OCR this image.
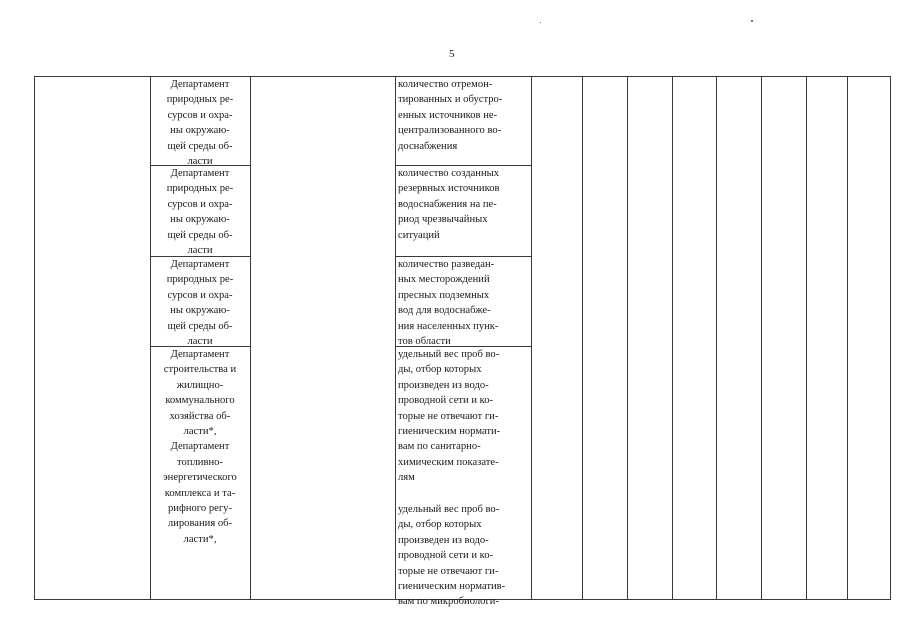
5
Департамент
природных ре-
сурсов и охра-
ны окружаю-
щей среды об-
ласти
количество отремон-
тированных и обустро-
енных источников не-
централизованного во-
доснабжения
Департамент
природных ре-
сурсов и охра-
ны окружаю-
щей среды об-
ласти
количество созданных
резервных источников
водоснабжения на пе-
риод чрезвычайных
ситуаций
Департамент
природных ре-
сурсов и охра-
ны окружаю-
щей среды об-
ласти
количество разведан-
ных месторождений
пресных подземных
вод для водоснабже-
ния населенных пунк-
тов области
Департамент
строительства и
жилищно-
коммунального
хозяйства об-
ласти*,
Департамент
топливно-
энергетического
комплекса и та-
рифного регу-
лирования об-
ласти*,
удельный вес проб во-
ды, отбор которых
произведен из водо-
проводной сети и ко-
торые не отвечают ги-
гиеническим нормати-
вам по санитарно-
химическим показате-
лям
удельный вес проб во-
ды, отбор которых
произведен из водо-
проводной сети и ко-
торые не отвечают ги-
гиеническим норматив-
вам по микробиологи-
